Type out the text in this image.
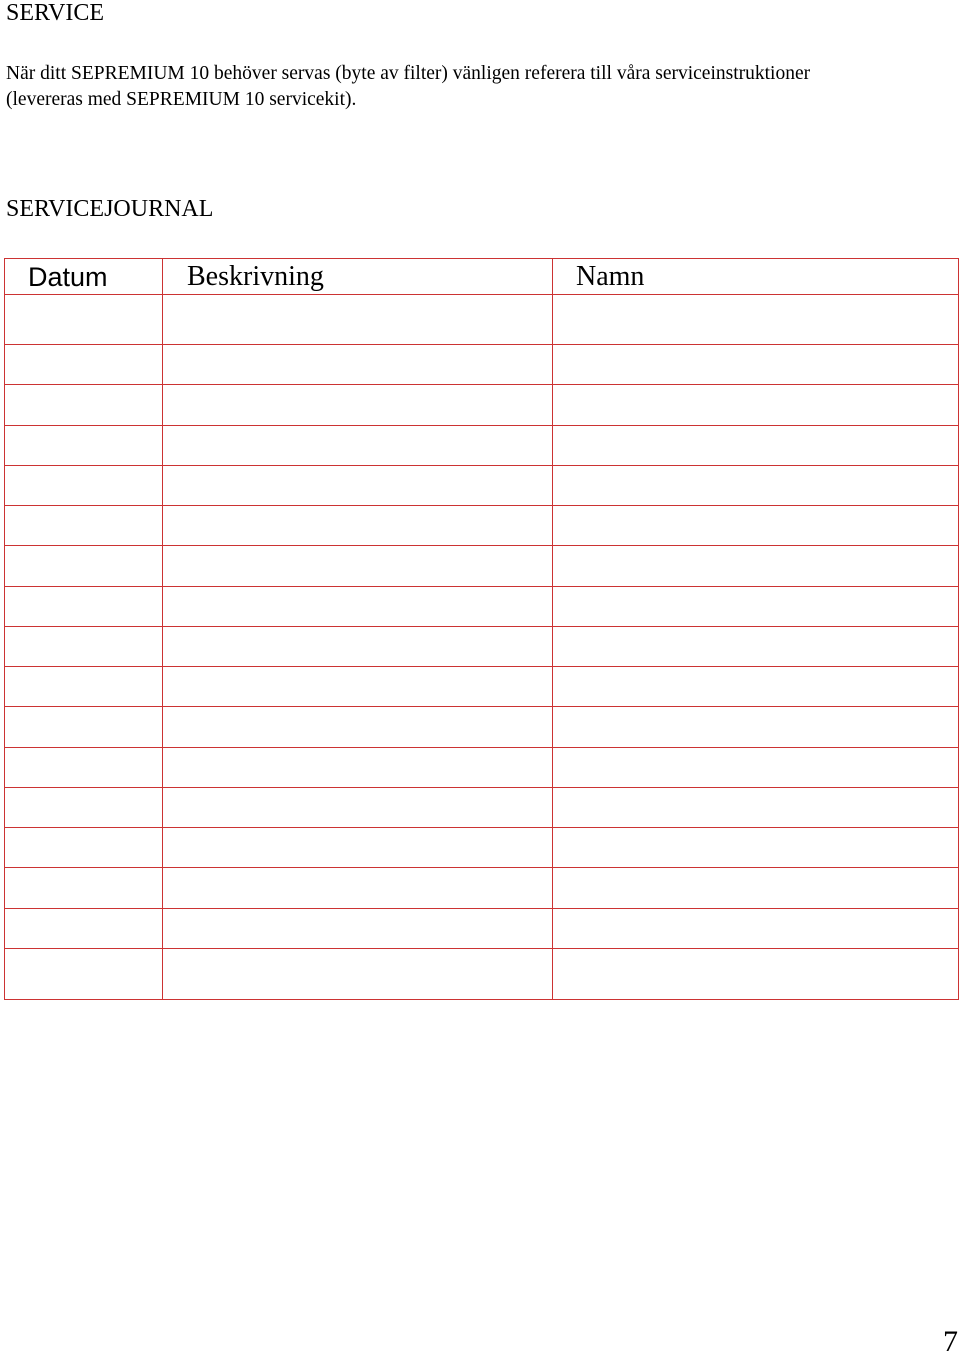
SERVICE

När ditt SEPREMIUM 10 behöver servas (byte av filter) vänligen referera till våra serviceinstruktioner
(levereras med SEPREMIUM 10 servicekit).

SERVICEJOURNAL
Datum	Beskrivning	Namn
7
